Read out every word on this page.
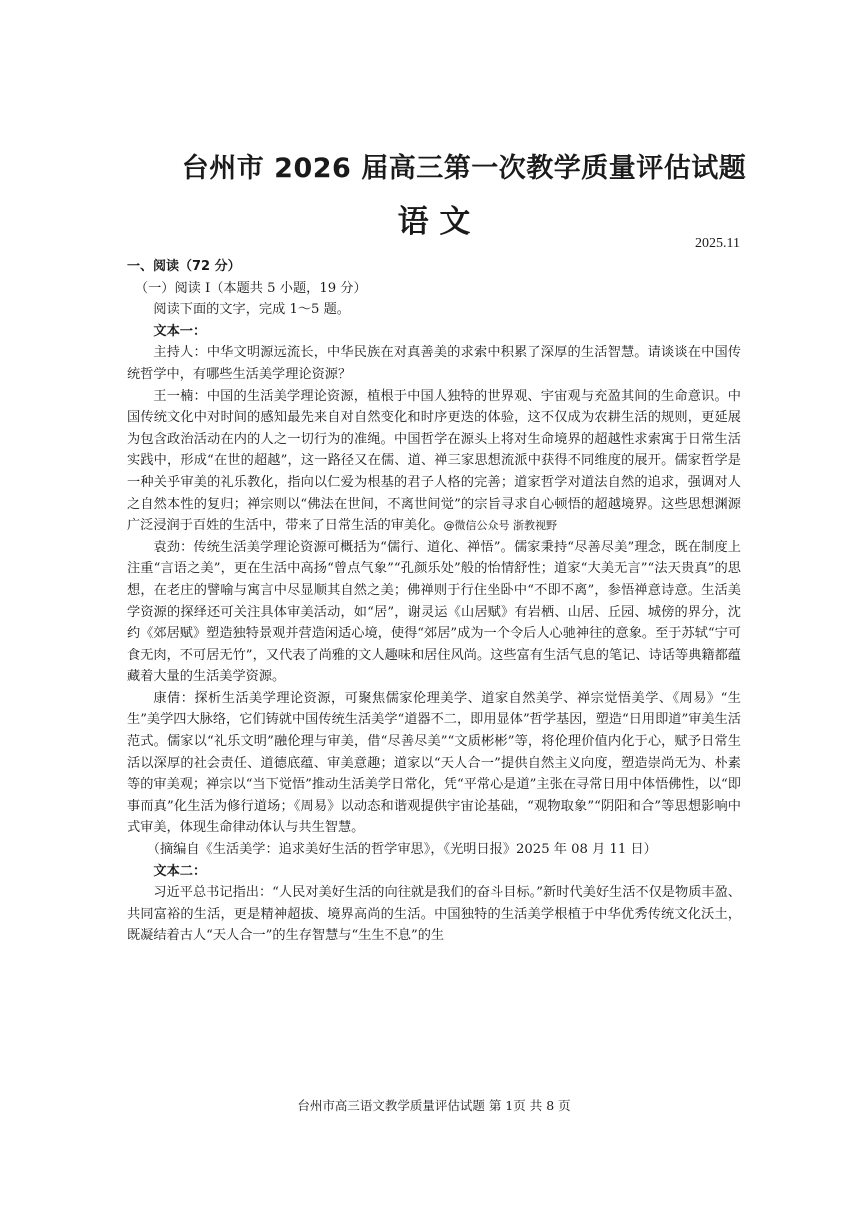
台州市 2026 届高三第一次教学质量评估试题
语 文
2025.11

一、阅读（72 分）

（一）阅读 I（本题共 5 小题，19 分）

阅读下面的文字，完成 1～5 题。

文本一：

主持人：中华文明源远流长，中华民族在对真善美的求索中积累了深厚的生活智慧。请谈谈在中国传统哲学中，有哪些生活美学理论资源？

王一楠：中国的生活美学理论资源，植根于中国人独特的世界观、宇宙观与充盈其间的生命意识。中国传统文化中对时间的感知最先来自对自然变化和时序更迭的体验，这不仅成为农耕生活的规则，更延展为包含政治活动在内的人之一切行为的准绳。中国哲学在源头上将对生命境界的超越性求索寓于日常生活实践中，形成“在世的超越”，这一路径又在儒、道、禅三家思想流派中获得不同维度的展开。儒家哲学是一种关乎审美的礼乐教化，指向以仁爱为根基的君子人格的完善；道家哲学对道法自然的追求，强调对人之自然本性的复归；禅宗则以“佛法在世间，不离世间觉”的宗旨寻求自心顿悟的超越境界。这些思想渊源广泛浸润于百姓的生活中，带来了日常生活的审美化。@微信公众号 浙教视野

袁劲：传统生活美学理论资源可概括为“儒行、道化、禅悟”。儒家秉持“尽善尽美”理念，既在制度上注重“言语之美”，更在生活中高扬“曾点气象”“孔颜乐处”般的怡情舒性；道家“大美无言”“法天贵真”的思想，在老庄的譬喻与寓言中尽显顺其自然之美；佛禅则于行住坐卧中“不即不离”，参悟禅意诗意。生活美学资源的探绎还可关注具体审美活动，如“居”，谢灵运《山居赋》有岩栖、山居、丘园、城傍的界分，沈约《郊居赋》塑造独特景观并营造闲适心境，使得“郊居”成为一个令后人心驰神往的意象。至于苏轼“宁可食无肉，不可居无竹”，又代表了尚雅的文人趣味和居住风尚。这些富有生活气息的笔记、诗话等典籍都蕴藏着大量的生活美学资源。

康倩：探析生活美学理论资源，可聚焦儒家伦理美学、道家自然美学、禅宗觉悟美学、《周易》“生生”美学四大脉络，它们铸就中国传统生活美学“道器不二，即用显体”哲学基因，塑造“日用即道”审美生活范式。儒家以“礼乐文明”融伦理与审美，借“尽善尽美”“文质彬彬”等，将伦理价值内化于心，赋予日常生活以深厚的社会责任、道德底蕴、审美意趣；道家以“天人合一”提供自然主义向度，塑造崇尚无为、朴素等的审美观；禅宗以“当下觉悟”推动生活美学日常化，凭“平常心是道”主张在寻常日用中体悟佛性，以“即事而真”化生活为修行道场；《周易》以动态和谐观提供宇宙论基础，“观物取象”“阴阳和合”等思想影响中式审美，体现生命律动体认与共生智慧。

（摘编自《生活美学：追求美好生活的哲学审思》，《光明日报》2025 年 08 月 11 日）

文本二：

习近平总书记指出：“人民对美好生活的向往就是我们的奋斗目标。”新时代美好生活不仅是物质丰盈、共同富裕的生活，更是精神超拔、境界高尚的生活。中国独特的生活美学根植于中华优秀传统文化沃土，既凝结着古人“天人合一”的生存智慧与“生生不息”的生

台州市高三语文教学质量评估试题 第 1页 共 8 页
